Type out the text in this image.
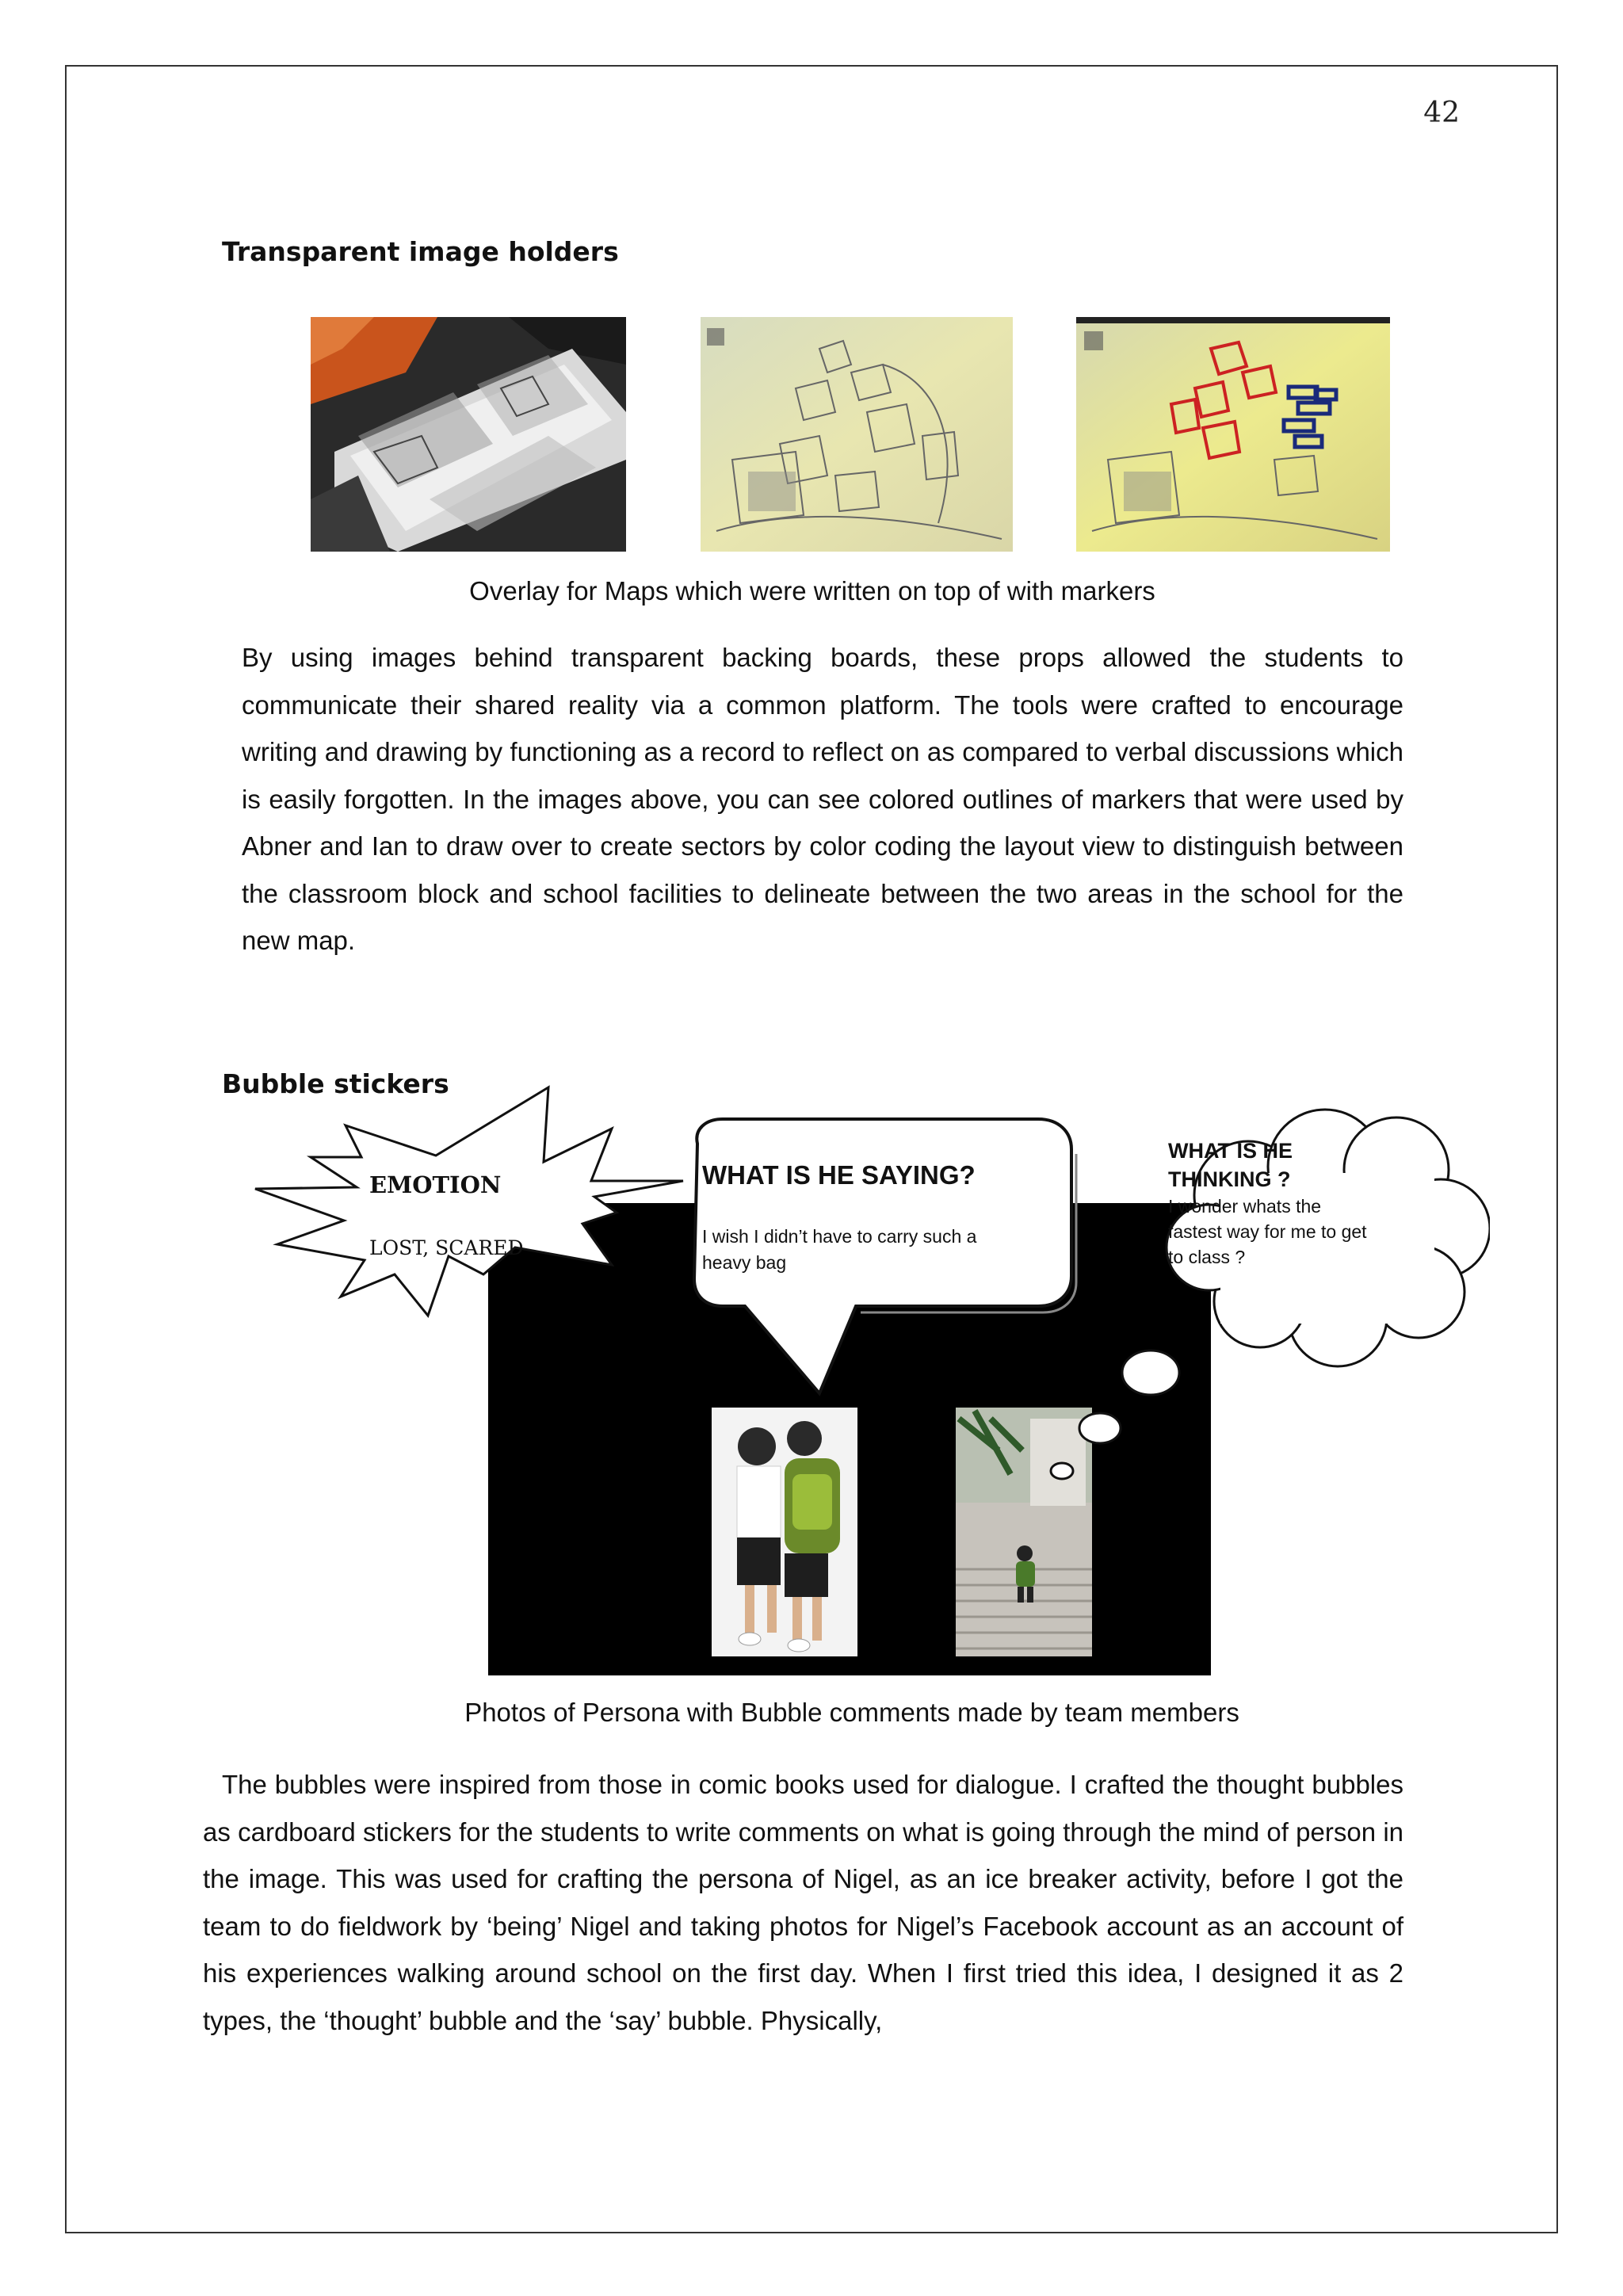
42
Transparent image holders
Overlay for Maps which were written on top of with markers

By using images behind transparent backing boards, these props allowed the students to communicate their shared reality via a common platform. The tools were crafted to encourage writing and drawing by functioning as a record to reflect on as compared to verbal discussions which is easily forgotten. In the images above, you can see colored outlines of markers that were used by Abner and Ian to draw over to create sectors by color coding the layout view to distinguish between the classroom block and school facilities to delineate between the two areas in the school for the new map.

Bubble stickers
EMOTION
LOST, SCARED
WHAT IS HE SAYING?
I wish I didn’t have to carry such a
heavy bag
WHAT IS HE
THINKING ?
I wonder whats the
fastest way for me to get
to class ?
Photos of Persona with Bubble comments made by team members

The bubbles were inspired from those in comic books used for dialogue. I crafted the thought bubbles as cardboard stickers for the students to write comments on what is going through the mind of person in the image. This was used for crafting the persona of Nigel, as an ice breaker activity, before I got the team to do fieldwork by ‘being’ Nigel and taking photos for Nigel’s Facebook account as an account of his experiences walking around school on the first day. When I first tried this idea, I designed it as 2 types, the ‘thought’ bubble and the ‘say’ bubble. Physically,
